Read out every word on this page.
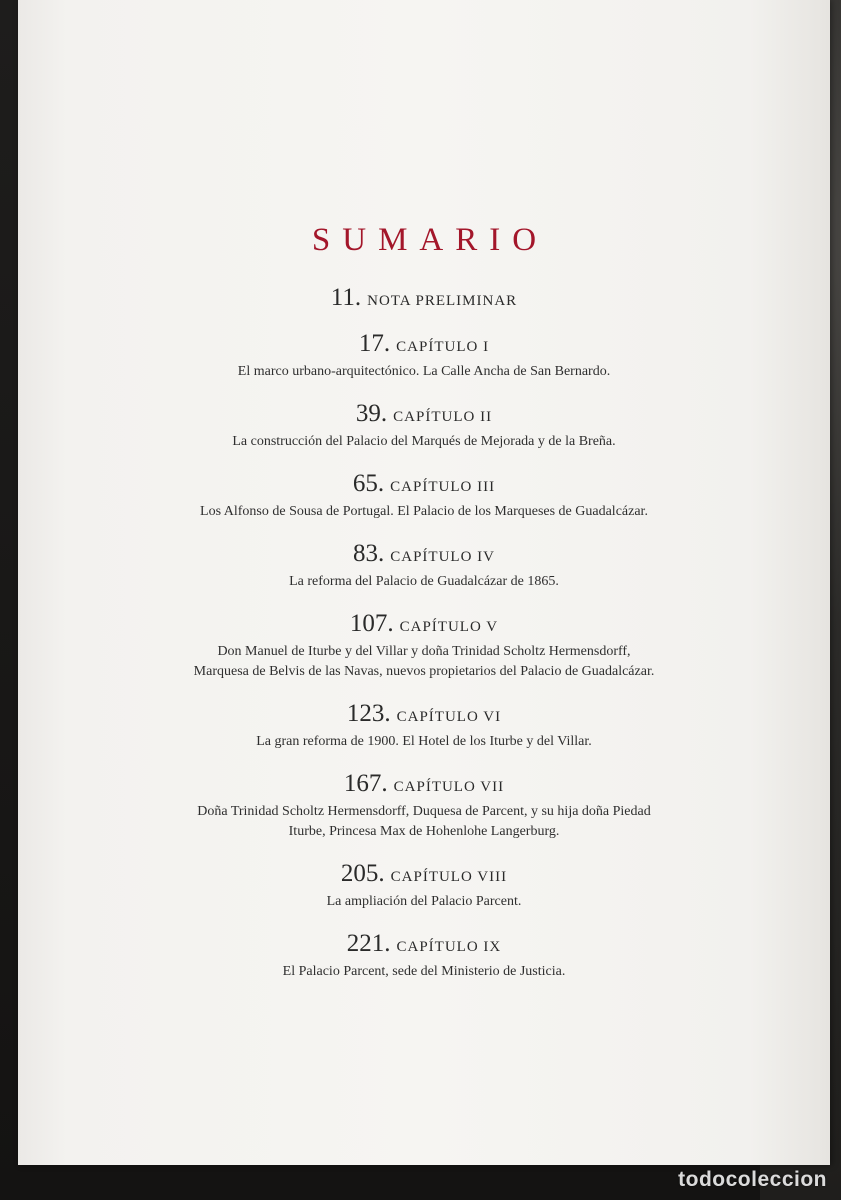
SUMARIO
11. NOTA PRELIMINAR
17. CAPÍTULO I
El marco urbano-arquitectónico. La Calle Ancha de San Bernardo.
39. CAPÍTULO II
La construcción del Palacio del Marqués de Mejorada y de la Breña.
65. CAPÍTULO III
Los Alfonso de Sousa de Portugal. El Palacio de los Marqueses de Guadalcázar.
83. CAPÍTULO IV
La reforma del Palacio de Guadalcázar de 1865.
107. CAPÍTULO V
Don Manuel de Iturbe y del Villar y doña Trinidad Scholtz Hermensdorff,
Marquesa de Belvis de las Navas, nuevos propietarios del Palacio de Guadalcázar.
123. CAPÍTULO VI
La gran reforma de 1900. El Hotel de los Iturbe y del Villar.
167. CAPÍTULO VII
Doña Trinidad Scholtz Hermensdorff, Duquesa de Parcent, y su hija doña Piedad
Iturbe, Princesa Max de Hohenlohe Langerburg.
205. CAPÍTULO VIII
La ampliación del Palacio Parcent.
221. CAPÍTULO IX
El Palacio Parcent, sede del Ministerio de Justicia.
todocoleccion
